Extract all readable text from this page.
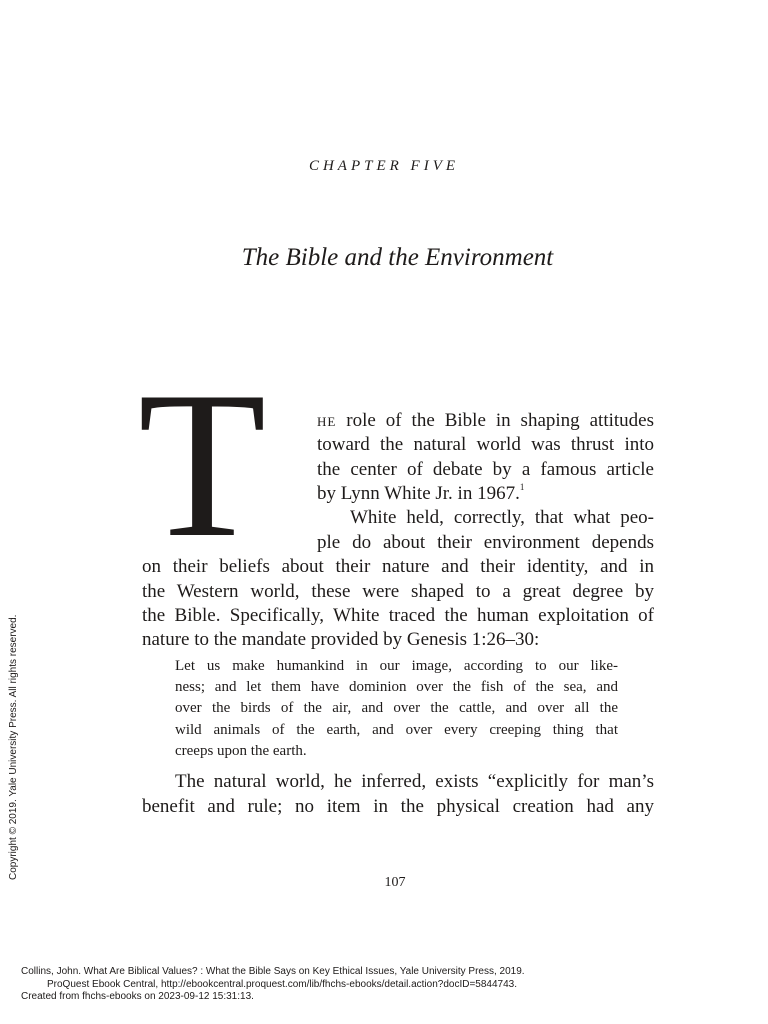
CHAPTER FIVE
The Bible and the Environment
T	he role of the Bible in shaping attitudes
toward the natural world was thrust into
the center of debate by a famous article
by Lynn White Jr. in 1967.$^1$
White held, correctly, that what peo-
ple do about their environment depends
on their beliefs about their nature and their identity, and in
the Western world, these were shaped to a great degree by
the Bible. Specifically, White traced the human exploitation of
nature to the mandate provided by Genesis 1:26–30:
Let us make humankind in our image, according to our like-
ness; and let them have dominion over the fish of the sea, and
over the birds of the air, and over the cattle, and over all the
wild animals of the earth, and over every creeping thing that
creeps upon the earth.
The natural world, he inferred, exists “explicitly for man’s
benefit and rule; no item in the physical creation had any
107
Copyright © 2019. Yale University Press. All rights reserved.
Collins, John. What Are Biblical Values? : What the Bible Says on Key Ethical Issues, Yale University Press, 2019.
ProQuest Ebook Central, http://ebookcentral.proquest.com/lib/fhchs-ebooks/detail.action?docID=5844743.
Created from fhchs-ebooks on 2023-09-12 15:31:13.
